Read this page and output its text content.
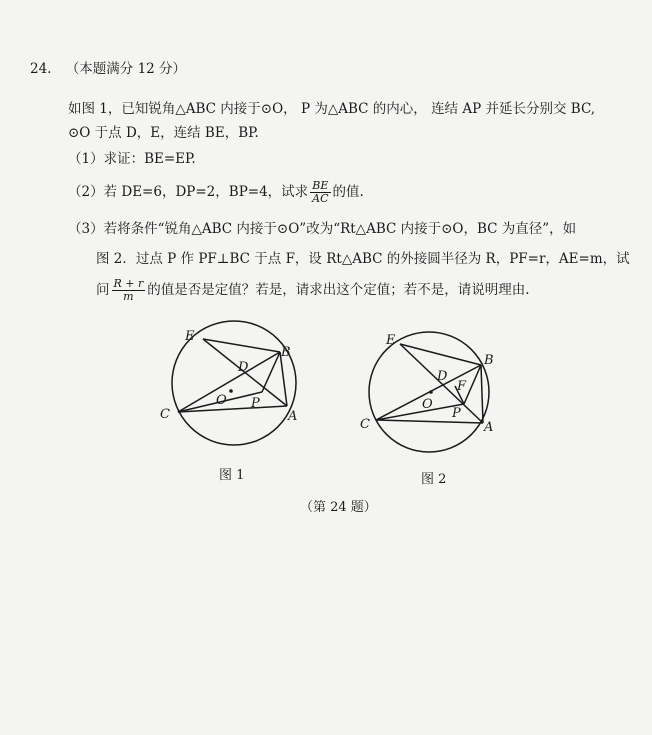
24. （本题满分 12 分）
如图 1，已知锐角△ABC 内接于⊙O， P 为△ABC 的内心， 连结 AP 并延长分别交 BC,
⊙O 于点 D，E，连结 BE，BP.
（1）求证：BE=EP.
（2）若 DE=6，DP=2，BP=4，试求 $\frac{BE}{AC}$ 的值.
（3）若将条件“锐角△ABC 内接于⊙O”改为“Rt△ABC 内接于⊙O，BC 为直径”，如
图 2．过点 P 作 PF⊥BC 于点 F，设 Rt△ABC 的外接圆半径为 R，PF=r，AE=m，试
问 $\frac{R + r}{m}$ 的值是否是定值？若是，请求出这个定值；若不是，请说明理由.
E
B
D
O P
C	A
E
B
D
F
O
P
C	A
图 1	图 2
（第 24 题）
